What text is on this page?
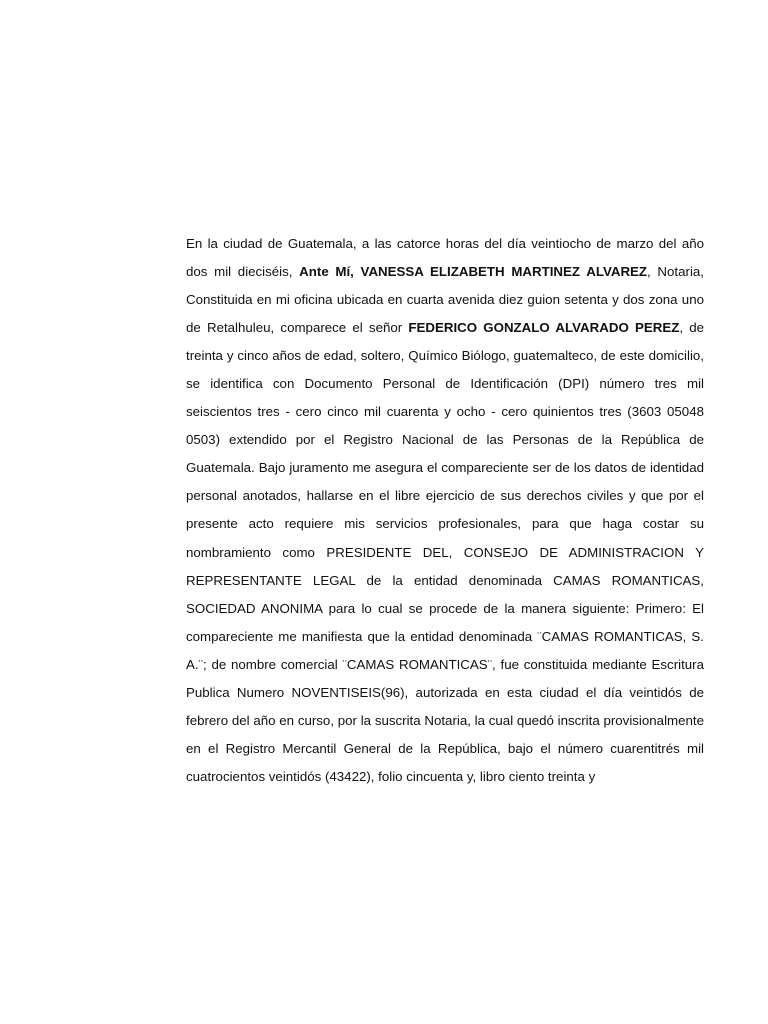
En la ciudad de Guatemala, a las catorce horas del día veintiocho de marzo del año dos mil dieciséis, Ante Mí, VANESSA ELIZABETH MARTINEZ ALVAREZ, Notaria, Constituida en mi oficina ubicada en cuarta avenida diez guion setenta y dos zona uno de Retalhuleu, comparece el señor FEDERICO GONZALO ALVARADO PEREZ, de treinta y cinco años de edad, soltero, Químico Biólogo, guatemalteco, de este domicilio, se identifica con Documento Personal de Identificación (DPI) número tres mil seiscientos tres - cero cinco mil cuarenta y ocho - cero quinientos tres (3603 05048 0503) extendido por el Registro Nacional de las Personas de la República de Guatemala. Bajo juramento me asegura el compareciente ser de los datos de identidad personal anotados, hallarse en el libre ejercicio de sus derechos civiles y que por el presente acto requiere mis servicios profesionales, para que haga costar su nombramiento como PRESIDENTE DEL, CONSEJO DE ADMINISTRACION Y REPRESENTANTE LEGAL de la entidad denominada CAMAS ROMANTICAS, SOCIEDAD ANONIMA para lo cual se procede de la manera siguiente: Primero: El compareciente me manifiesta que la entidad denominada ¨CAMAS ROMANTICAS, S. A.¨; de nombre comercial ¨CAMAS ROMANTICAS¨, fue constituida mediante Escritura Publica Numero NOVENTISEIS(96), autorizada en esta ciudad el día veintidós de febrero del año en curso, por la suscrita Notaria, la cual quedó inscrita provisionalmente en el Registro Mercantil General de la República, bajo el número cuarentitrés mil cuatrocientos veintidós (43422), folio cincuenta y, libro ciento treinta y
